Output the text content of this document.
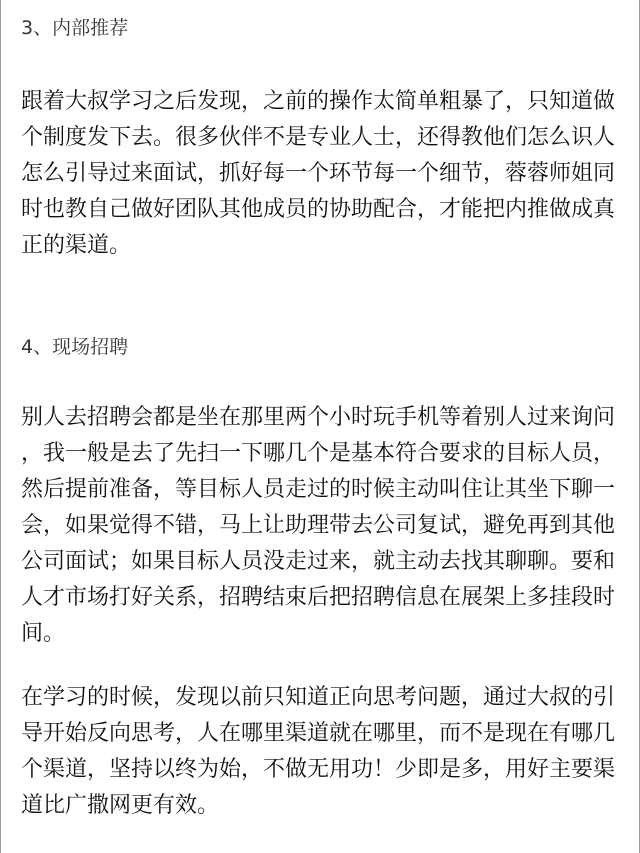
3、内部推荐
跟着大叔学习之后发现，之前的操作太简单粗暴了，只知道做
个制度发下去。很多伙伴不是专业人士，还得教他们怎么识人
怎么引导过来面试，抓好每一个环节每一个细节，蓉蓉师姐同
时也教自己做好团队其他成员的协助配合，才能把内推做成真
正的渠道。
4、现场招聘
别人去招聘会都是坐在那里两个小时玩手机等着别人过来询问
，我一般是去了先扫一下哪几个是基本符合要求的目标人员，
然后提前准备，等目标人员走过的时候主动叫住让其坐下聊一
会，如果觉得不错，马上让助理带去公司复试，避免再到其他
公司面试；如果目标人员没走过来，就主动去找其聊聊。要和
人才市场打好关系，招聘结束后把招聘信息在展架上多挂段时
间。
在学习的时候，发现以前只知道正向思考问题，通过大叔的引
导开始反向思考，人在哪里渠道就在哪里，而不是现在有哪几
个渠道，坚持以终为始，不做无用功！少即是多，用好主要渠
道比广撒网更有效。
